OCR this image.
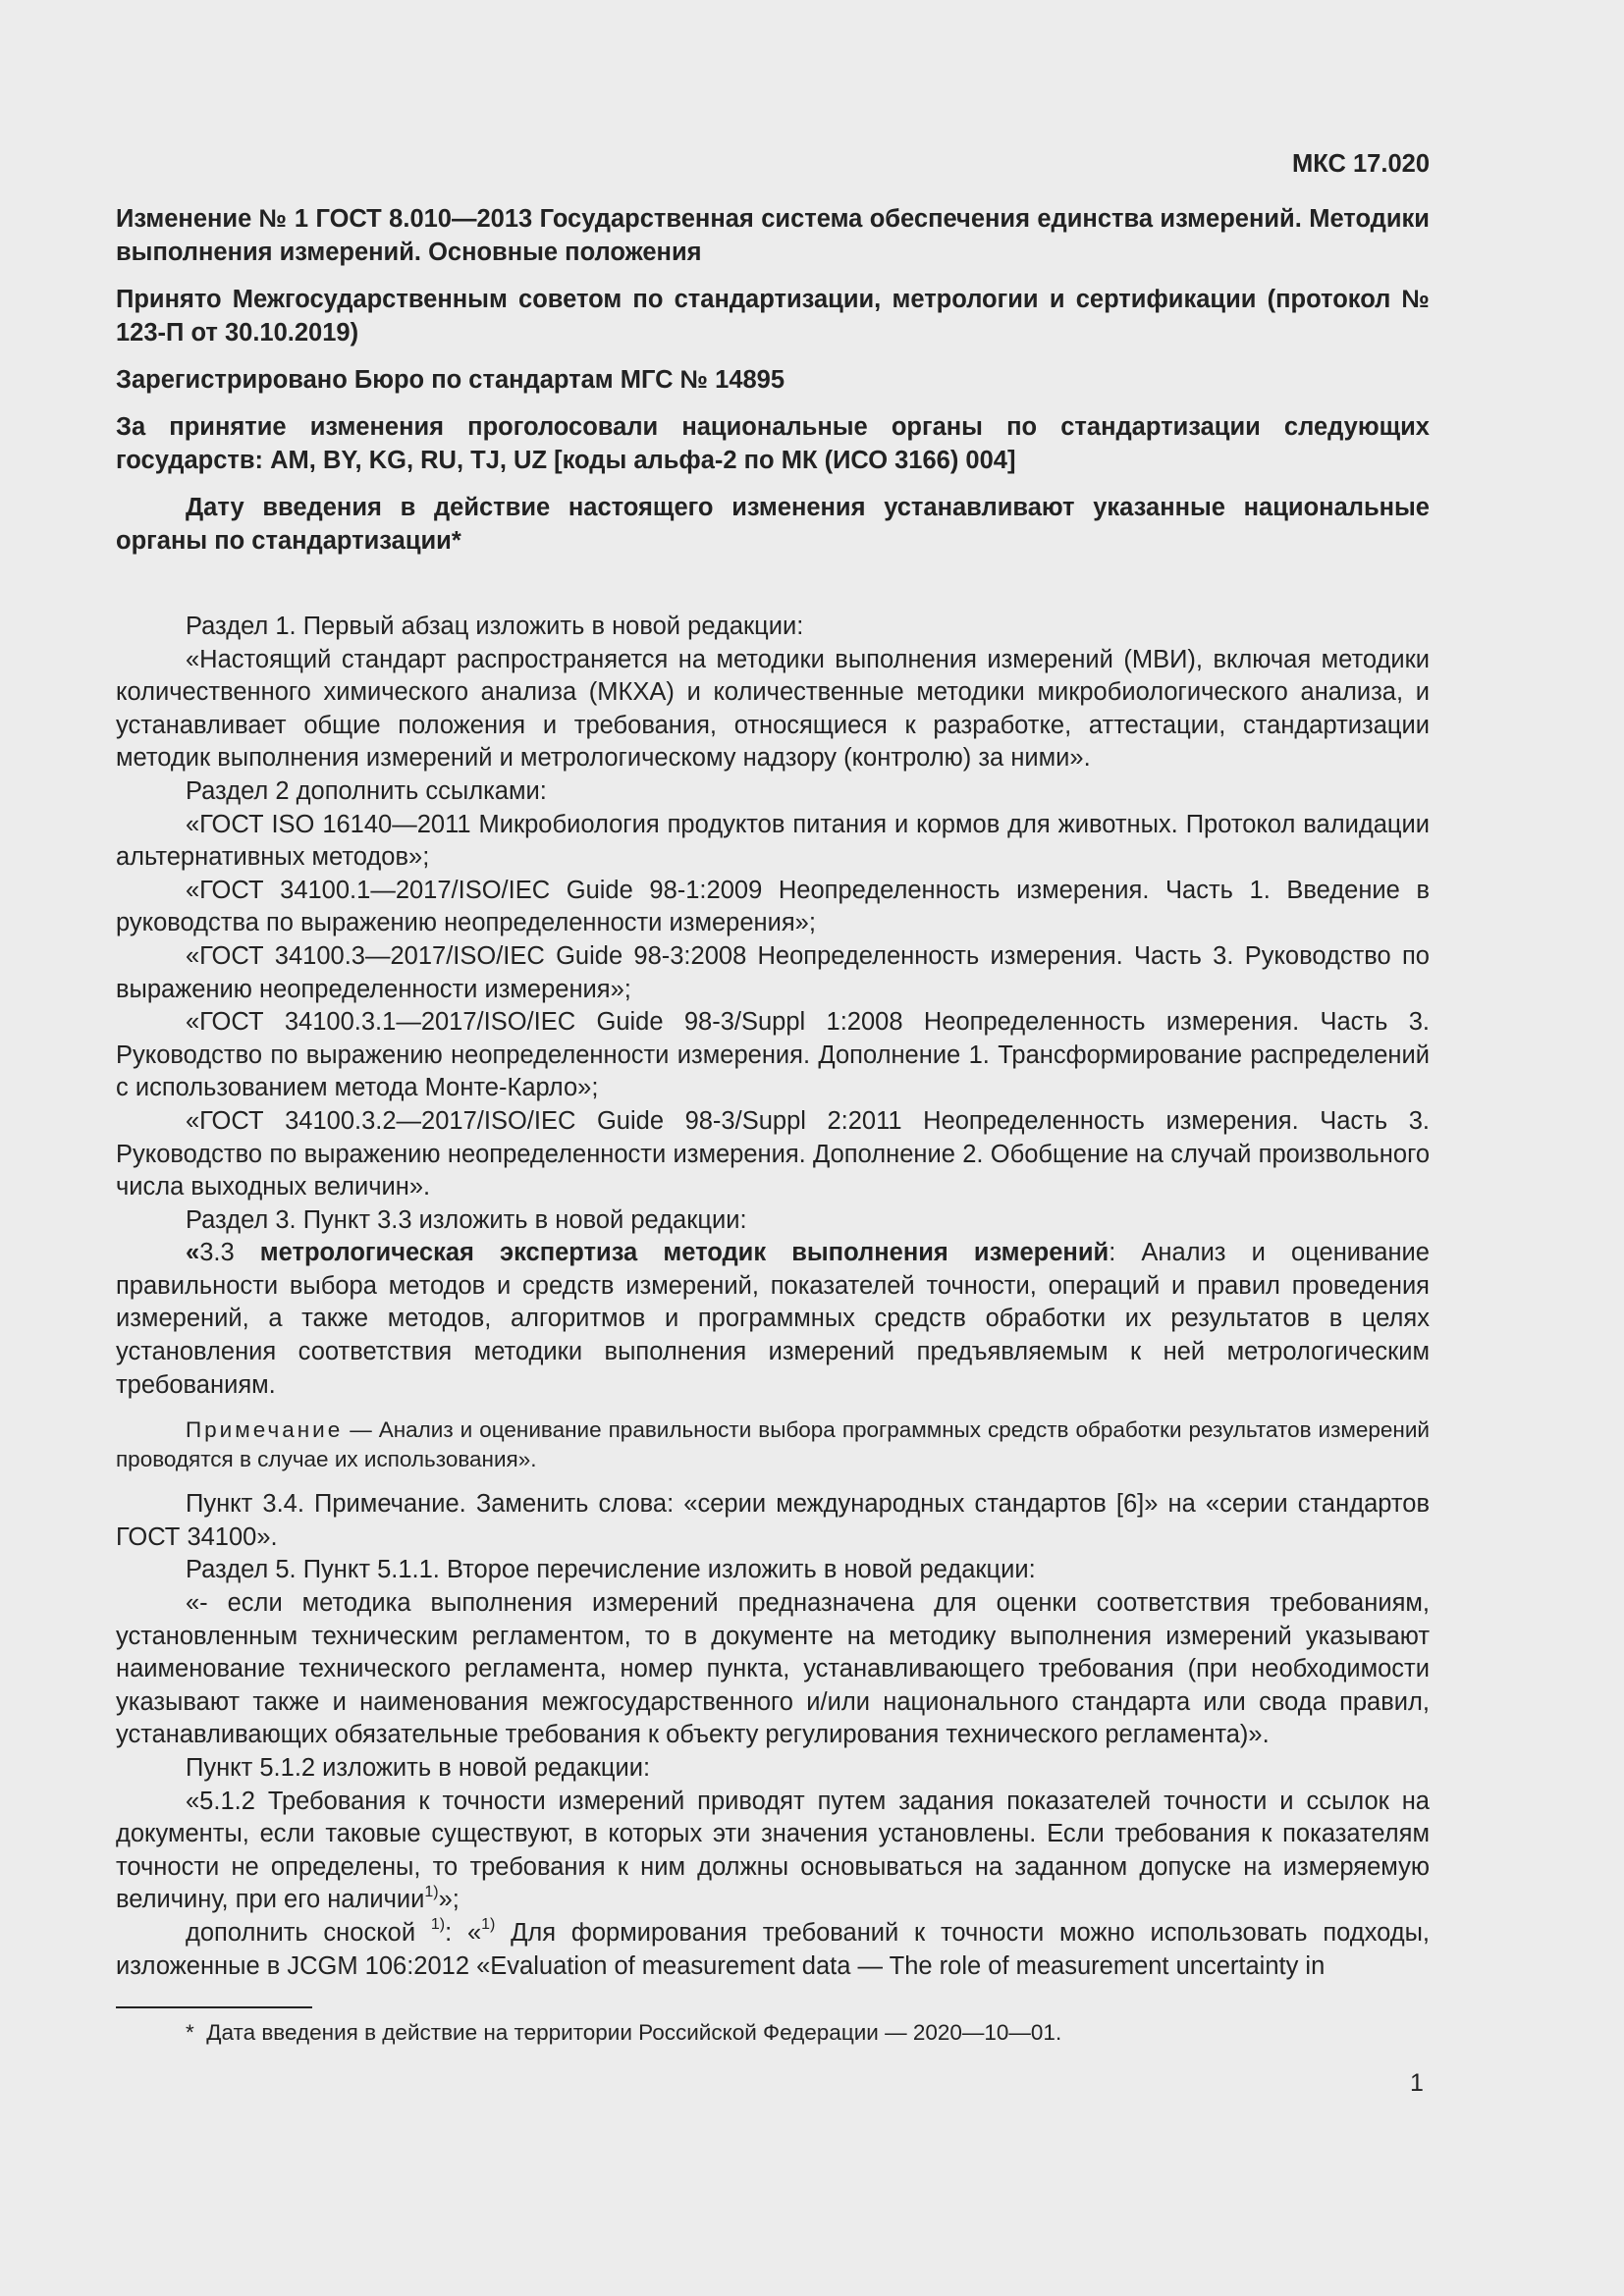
МКС 17.020
Изменение № 1 ГОСТ 8.010—2013 Государственная система обеспечения единства измерений. Методики выполнения измерений. Основные положения
Принято Межгосударственным советом по стандартизации, метрологии и сертификации (протокол № 123-П от 30.10.2019)
Зарегистрировано Бюро по стандартам МГС № 14895
За принятие изменения проголосовали национальные органы по стандартизации следующих государств: AM, BY, KG, RU, TJ, UZ [коды альфа-2 по МК (ИСО 3166) 004]
Дату введения в действие настоящего изменения устанавливают указанные национальные органы по стандартизации*

Раздел 1. Первый абзац изложить в новой редакции:

«Настоящий стандарт распространяется на методики выполнения измерений (МВИ), включая методики количественного химического анализа (МКХА) и количественные методики микробиологического анализа, и устанавливает общие положения и требования, относящиеся к разработке, аттестации, стандартизации методик выполнения измерений и метрологическому надзору (контролю) за ними».

Раздел 2 дополнить ссылками:

«ГОСТ ISO 16140—2011 Микробиология продуктов питания и кормов для животных. Протокол валидации альтернативных методов»;

«ГОСТ 34100.1—2017/ISO/IEC Guide 98-1:2009 Неопределенность измерения. Часть 1. Введение в руководства по выражению неопределенности измерения»;

«ГОСТ 34100.3—2017/ISO/IEC Guide 98-3:2008 Неопределенность измерения. Часть 3. Руководство по выражению неопределенности измерения»;

«ГОСТ 34100.3.1—2017/ISO/IEC Guide 98-3/Suppl 1:2008 Неопределенность измерения. Часть 3. Руководство по выражению неопределенности измерения. Дополнение 1. Трансформирование распределений с использованием метода Монте-Карло»;

«ГОСТ 34100.3.2—2017/ISO/IEC Guide 98-3/Suppl 2:2011 Неопределенность измерения. Часть 3. Руководство по выражению неопределенности измерения. Дополнение 2. Обобщение на случай произвольного числа выходных величин».

Раздел 3. Пункт 3.3 изложить в новой редакции:

«3.3 метрологическая экспертиза методик выполнения измерений: Анализ и оценивание правильности выбора методов и средств измерений, показателей точности, операций и правил проведения измерений, а также методов, алгоритмов и программных средств обработки их результатов в целях установления соответствия методики выполнения измерений предъявляемым к ней метрологическим требованиям.

Примечание — Анализ и оценивание правильности выбора программных средств обработки результатов измерений проводятся в случае их использования».

Пункт 3.4. Примечание. Заменить слова: «серии международных стандартов [6]» на «серии стандартов ГОСТ 34100».

Раздел 5. Пункт 5.1.1. Второе перечисление изложить в новой редакции:

«- если методика выполнения измерений предназначена для оценки соответствия требованиям, установленным техническим регламентом, то в документе на методику выполнения измерений указывают наименование технического регламента, номер пункта, устанавливающего требования (при необходимости указывают также и наименования межгосударственного и/или национального стандарта или свода правил, устанавливающих обязательные требования к объекту регулирования технического регламента)».

Пункт 5.1.2 изложить в новой редакции:

«5.1.2 Требования к точности измерений приводят путем задания показателей точности и ссылок на документы, если таковые существуют, в которых эти значения установлены. Если требования к показателям точности не определены, то требования к ним должны основываться на заданном допуске на измеряемую величину, при его наличии$^{1)}$»;

дополнить сноской $^{1)}$: «$^{1)}$ Для формирования требований к точности можно использовать подходы, изложенные в JCGM 106:2012 «Evaluation of measurement data — The role of measurement uncertainty in

* Дата введения в действие на территории Российской Федерации — 2020—10—01.

1
